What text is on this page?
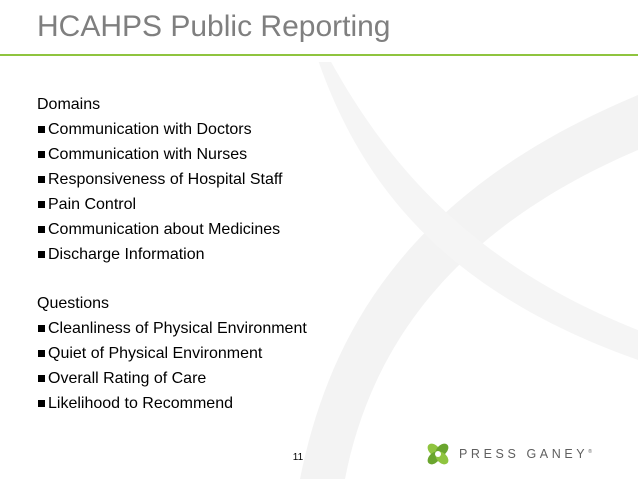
HCAHPS Public Reporting
Domains
Communication with Doctors
Communication with Nurses
Responsiveness of Hospital Staff
Pain Control
Communication about Medicines
Discharge Information
Questions
Cleanliness of Physical Environment
Quiet of Physical Environment
Overall Rating of Care
Likelihood to Recommend
11	PRESS GANEY®
